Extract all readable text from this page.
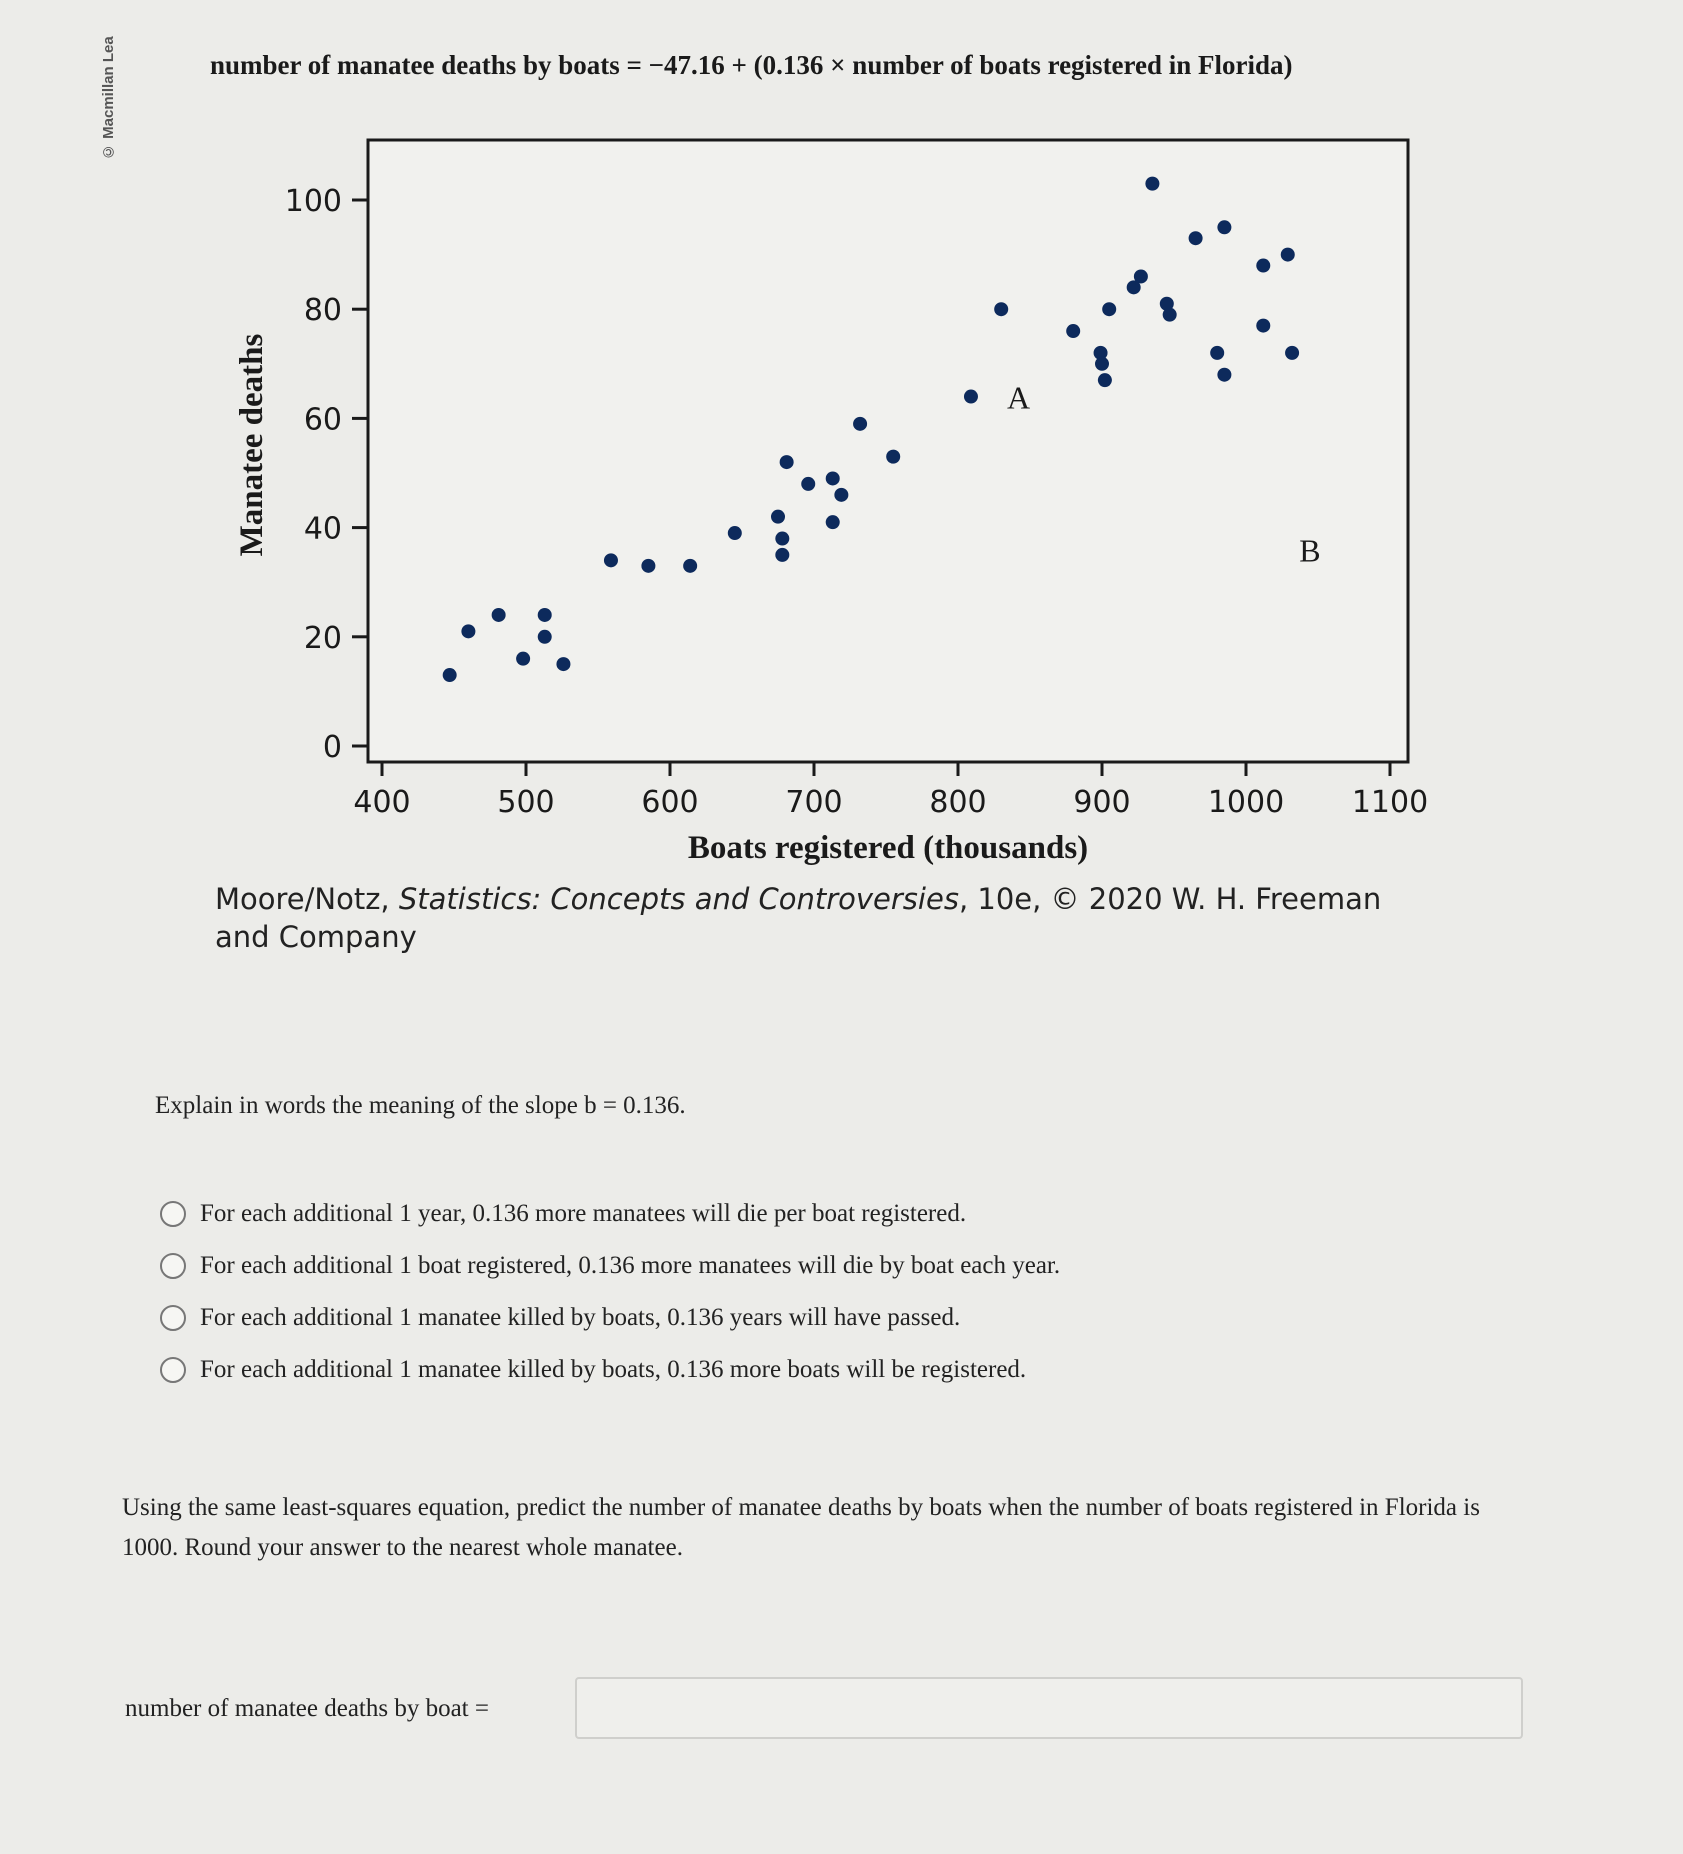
© Macmillan Lea	number of manatee deaths by boats = −47.16 + (0.136 × number of boats registered in Florida)
0
20
40
60
80
100
400	500	600	700	800	900	1000 1100
A
B
Manatee deaths
Boats registered (thousands)
Moore/Notz, Statistics: Concepts and Controversies, 10e, © 2020 W. H. Freeman and Company
Explain in words the meaning of the slope b = 0.136.
For each additional 1 year, 0.136 more manatees will die per boat registered.
For each additional 1 boat registered, 0.136 more manatees will die by boat each year.
For each additional 1 manatee killed by boats, 0.136 years will have passed.
For each additional 1 manatee killed by boats, 0.136 more boats will be registered.
Using the same least-squares equation, predict the number of manatee deaths by boats when the number of boats registered in Florida is 1000. Round your answer to the nearest whole manatee.
number of manatee deaths by boat =
